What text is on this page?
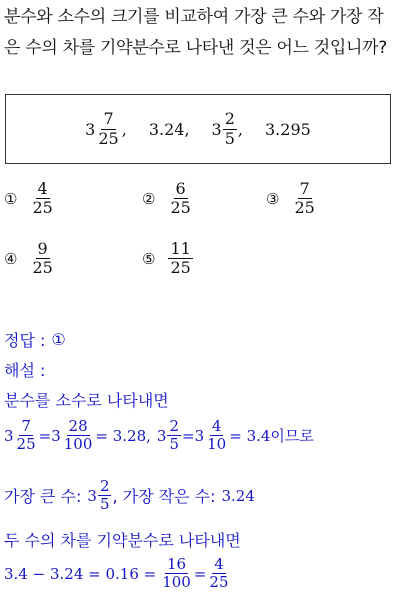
분수와 소수의 크기를 비교하여 가장 큰 수와 가장 작은 수의 차를 기약분수로 나타낸 것은 어느 것입니까?
$3 \frac{7}{25}$ , 3.24, $3 \frac{2}{5}$ , 3.295
① $\frac{4}{25}$	② $\frac{6}{25}$	③ $\frac{7}{25}$
④ $\frac{9}{25}$	⑤ $\frac{11}{25}$
정답 : ①
해설 :
분수를 소수로 나타내면
$3 \frac{7}{25} = 3 \frac{28}{100} = 3.28$, $3 \frac{2}{5} = 3 \frac{4}{10} = 3.4$이므로
가장 큰 수: $3 \frac{2}{5}$ , 가장 작은 수: 3.24
두 수의 차를 기약분수로 나타내면
$3.4 - 3.24 = 0.16 = \frac{16}{100} = \frac{4}{25}$
